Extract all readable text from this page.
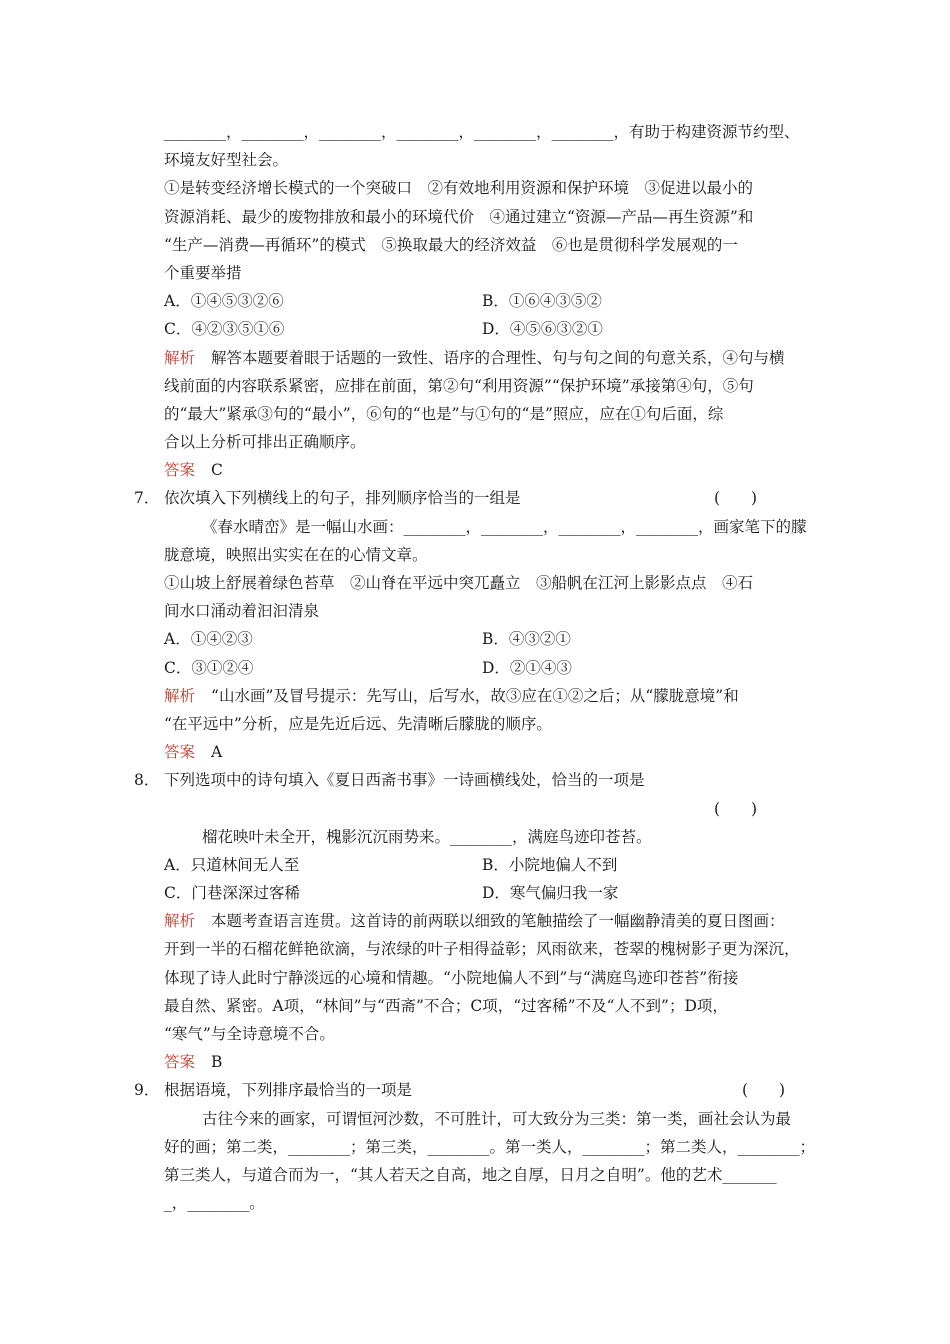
________，________，________，________，________，________，有助于构建资源节约型、
环境友好型社会。
①是转变经济增长模式的一个突破口　②有效地利用资源和保护环境　③促进以最小的
资源消耗、最少的废物排放和最小的环境代价　④通过建立“资源—产品—再生资源”和
“生产—消费—再循环”的模式　⑤换取最大的经济效益　⑥也是贯彻科学发展观的一
个重要举措
A．①④⑤③②⑥	B．①⑥④③⑤②
C．④②③⑤①⑥	D．④⑤⑥③②①
解析 解答本题要着眼于话题的一致性、语序的合理性、句与句之间的句意关系，④句与横
线前面的内容联系紧密，应排在前面，第②句“利用资源”“保护环境”承接第④句，⑤句
的“最大”紧承③句的“最小”，⑥句的“也是”与①句的“是”照应，应在①句后面，综
合以上分析可排出正确顺序。
答案 C
7． 依次填入下列横线上的句子，排列顺序恰当的一组是	(　　)
《春水晴峦》是一幅山水画：________，________，________，________，画家笔下的朦
胧意境，映照出实实在在的心情文章。
①山坡上舒展着绿色苔草　②山脊在平远中突兀矗立　③船帆在江河上影影点点　④石
间水口涌动着汩汩清泉
A．①④②③	B．④③②①
C．③①②④	D．②①④③
解析 “山水画”及冒号提示：先写山，后写水，故③应在①②之后；从“朦胧意境”和
“在平远中”分析，应是先近后远、先清晰后朦胧的顺序。
答案 A
8． 下列选项中的诗句填入《夏日西斋书事》一诗画横线处，恰当的一项是
(　　)
榴花映叶未全开，槐影沉沉雨势来。________，满庭鸟迹印苍苔。
A．只道林间无人至	B．小院地偏人不到
C．门巷深深过客稀	D．寒气偏归我一家
解析 本题考查语言连贯。这首诗的前两联以细致的笔触描绘了一幅幽静清美的夏日图画：
开到一半的石榴花鲜艳欲滴，与浓绿的叶子相得益彰；风雨欲来，苍翠的槐树影子更为深沉，
体现了诗人此时宁静淡远的心境和情趣。“小院地偏人不到”与“满庭鸟迹印苍苔”衔接
最自然、紧密。A项，“林间”与“西斋”不合；C项，“过客稀”不及“人不到”；D项，
“寒气”与全诗意境不合。
答案 B
9． 根据语境，下列排序最恰当的一项是	(　　)
古往今来的画家，可谓恒河沙数，不可胜计，可大致分为三类：第一类，画社会认为最
好的画；第二类，________；第三类，________。第一类人，________；第二类人，________；
第三类人，与道合而为一，“其人若天之自高，地之自厚，日月之自明”。他的艺术_______
_，________。
